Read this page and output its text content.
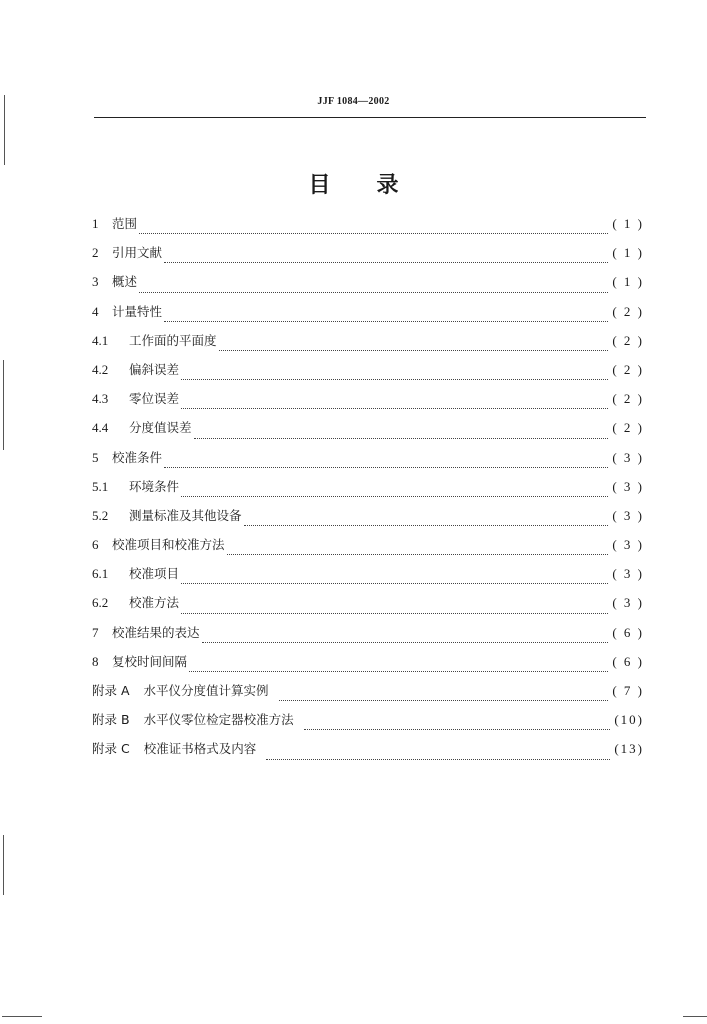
JJF 1084—2002
目录
1	范围	( 1 )
2	引用文献	( 1 )
3	概述	( 1 )
4	计量特性	( 2 )
4.1	工作面的平面度	( 2 )
4.2	偏斜误差	( 2 )
4.3	零位误差	( 2 )
4.4	分度值误差	( 2 )
5	校准条件	( 3 )
5.1	环境条件	( 3 )
5.2	测量标准及其他设备	( 3 )
6	校准项目和校准方法	( 3 )
6.1	校准项目	( 3 )
6.2	校准方法	( 3 )
7	校准结果的表达	( 6 )
8	复校时间间隔	( 6 )
附录 A 水平仪分度值计算实例	( 7 )
附录 B 水平仪零位检定器校准方法	(10)
附录 C 校准证书格式及内容	(13)
